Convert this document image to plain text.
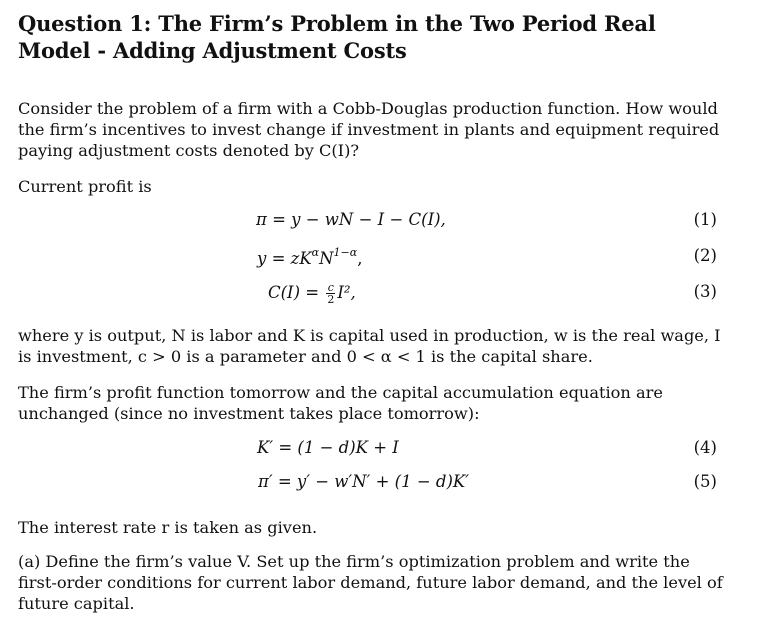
Question 1: The Firm’s Problem in the Two Period Real Model - Adding Adjustment Costs

Consider the problem of a firm with a Cobb-Douglas production function. How would the firm’s incentives to invest change if investment in plants and equipment required paying adjustment costs denoted by C(I)?

Current profit is

π = y − wN − I − C(I),	(1)
$y = zK^\alpha N^{1-\alpha}$,	(2)
$C(I) = \frac{c}{2} I^2$,	(3)

where y is output, N is labor and K is capital used in production, w is the real wage, I is investment, c > 0 is a parameter and 0 < α < 1 is the capital share.

The firm’s profit function tomorrow and the capital accumulation equation are unchanged (since no investment takes place tomorrow):

K′ = (1 − d)K + I	(4)
π′ = y′ − w′N′ + (1 − d)K′	(5)

The interest rate r is taken as given.

(a) Define the firm’s value V. Set up the firm’s optimization problem and write the first-order conditions for current labor demand, future labor demand, and the level of future capital.
